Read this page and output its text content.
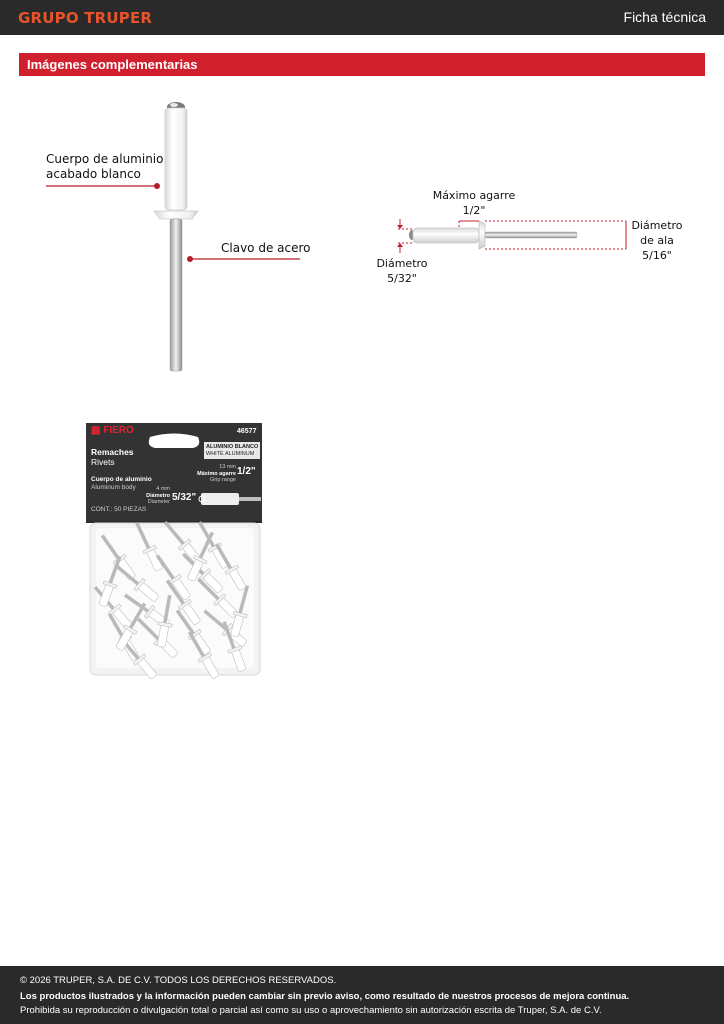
GRUPO TRUPER	Ficha técnica
Imágenes complementarias
Cuerpo de aluminio
acabado blanco
Clavo de acero
Máximo agarre
1/2"
Diámetro
5/32"
Diámetro
de ala
5/16"
▩ FIERO	46577
ALUMINIO BLANCO
WHITE ALUMINUM
Remaches
Rivets
Cuerpo de aluminio
Aluminum body
13 mm
Máximo agarre
Grip range
1/2"
4 mm
Diámetro
Diameter 5/32"
CONT.: 50 PIEZAS
© 2026 TRUPER, S.A. DE C.V. TODOS LOS DERECHOS RESERVADOS.
Los productos ilustrados y la información pueden cambiar sin previo aviso, como resultado de nuestros procesos de mejora continua.
Prohibida su reproducción o divulgación total o parcial así como su uso o aprovechamiento sin autorización escrita de Truper, S.A. de C.V.
